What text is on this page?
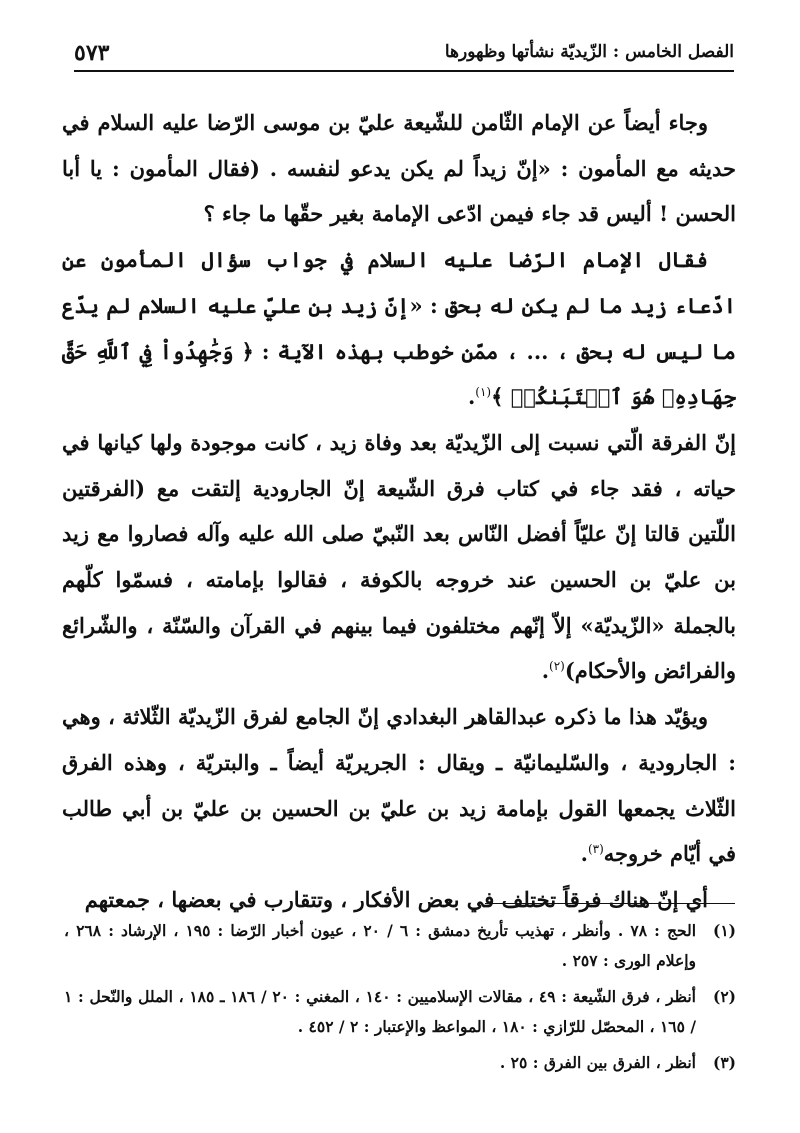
٥٧٣	الفصل الخامس : الزّيديّة نشأتها وظهورها

وجاء أيضاً عن الإمام الثّامن للشّيعة عليّ بن موسى الرّضا عليه السلام في حديثه مع المأمون : «إنّ زيداً لم يكن يدعو لنفسه . (فقال المأمون : يا أبا الحسن ! أليس قد جاء فيمن ادّعى الإمامة بغير حقّها ما جاء ؟

فقال الإمام الرّضا عليه السلام في جواب سؤال المأمون عن ادّعاء زيد ما لم يكن له بحق : «إنّ زيد بن عليّ عليه السلام لم يدّع ما ليس له بحق ، ... ، ممّن خوطب بهذه الآية : ﴿ وَجَٰهِدُواْ فِي ٱللَّهِ حَقَّ جِهَادِهِۦ هُوَ ٱجۡتَبَىٰكُمۡ ﴾$^{(١)}$.

إنّ الفرقة الّتي نسبت إلى الزّيديّة بعد وفاة زيد ، كانت موجودة ولها كيانها في حياته ، فقد جاء في كتاب فرق الشّيعة إنّ الجارودية إلتقت مع (الفرقتين اللّتين قالتا إنّ عليّاً أفضل النّاس بعد النّبيّ صلى الله عليه وآله فصاروا مع زيد بن عليّ بن الحسين عند خروجه بالكوفة ، فقالوا بإمامته ، فسمّوا كلّهم بالجملة «الزّيديّة» إلاّ إنّهم مختلفون فيما بينهم في القرآن والسّنّة ، والشّرائع والفرائض والأحكام)$^{(٢)}$.

ويؤيّد هذا ما ذكره عبدالقاهر البغدادي إنّ الجامع لفرق الزّيديّة الثّلاثة ، وهي : الجارودية ، والسّليمانيّة ـ ويقال : الجريريّة أيضاً ـ والبتريّة ، وهذه الفرق الثّلاث يجمعها القول بإمامة زيد بن عليّ بن الحسين بن عليّ بن أبي طالب في أيّام خروجه$^{(٣)}$.

أي إنّ هناك فرقاً تختلف في بعض الأفكار ، وتتقارب في بعضها ، جمعتهم

(١)
الحج : ٧٨ . وأنظر ، تهذيب تأريخ دمشق : ٦ / ٢٠ ، عيون أخبار الرّضا : ١٩٥ ، الإرشاد : ٢٦٨ ، وإعلام الورى : ٢٥٧ .

(٢)
أنظر ، فرق الشّيعة : ٤٩ ، مقالات الإسلاميين : ١٤٠ ، المغني : ٢٠ / ١٨٦ ـ ١٨٥ ، الملل والنّحل : ١ / ١٦٥ ، المحصّل للرّازي : ١٨٠ ، المواعظ والإعتبار : ٢ / ٤٥٢ .

(٣)
أنظر ، الفرق بين الفرق : ٢٥ .
